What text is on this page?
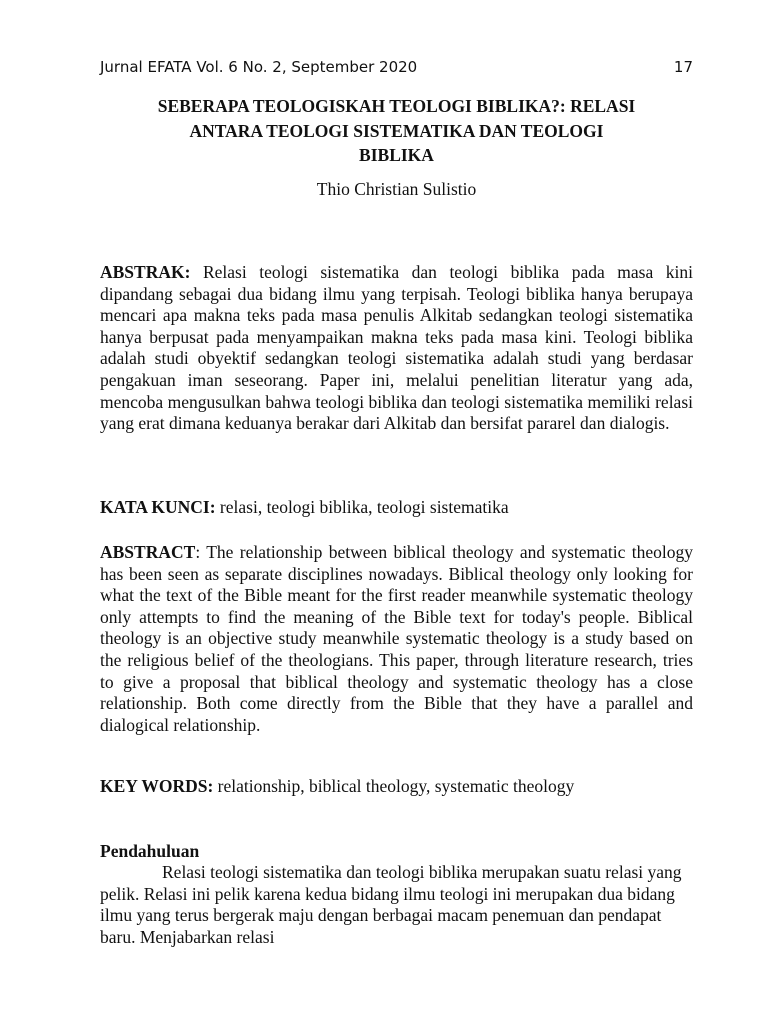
Jurnal EFATA Vol. 6 No. 2, September 2020	17
SEBERAPA TEOLOGISKAH TEOLOGI BIBLIKA?: RELASI
ANTARA TEOLOGI SISTEMATIKA DAN TEOLOGI
BIBLIKA
Thio Christian Sulistio

ABSTRAK: Relasi teologi sistematika dan teologi biblika pada masa kini dipandang sebagai dua bidang ilmu yang terpisah. Teologi biblika hanya berupaya mencari apa makna teks pada masa penulis Alkitab sedangkan teologi sistematika hanya berpusat pada menyampaikan makna teks pada masa kini. Teologi biblika adalah studi obyektif sedangkan teologi sistematika adalah studi yang berdasar pengakuan iman seseorang. Paper ini, melalui penelitian literatur yang ada, mencoba mengusulkan bahwa teologi biblika dan teologi sistematika memiliki relasi yang erat dimana keduanya berakar dari Alkitab dan bersifat pararel dan dialogis.

KATA KUNCI: relasi, teologi biblika, teologi sistematika

ABSTRACT: The relationship between biblical theology and systematic theology has been seen as separate disciplines nowadays. Biblical theology only looking for what the text of the Bible meant for the first reader meanwhile systematic theology only attempts to find the meaning of the Bible text for today's people. Biblical theology is an objective study meanwhile systematic theology is a study based on the religious belief of the theologians. This paper, through literature research, tries to give a proposal that biblical theology and systematic theology has a close relationship. Both come directly from the Bible that they have a parallel and dialogical relationship.

KEY WORDS: relationship, biblical theology, systematic theology

Pendahuluan

Relasi teologi sistematika dan teologi biblika merupakan suatu relasi yang pelik. Relasi ini pelik karena kedua bidang ilmu teologi ini merupakan dua bidang ilmu yang terus bergerak maju dengan berbagai macam penemuan dan pendapat baru. Menjabarkan relasi
